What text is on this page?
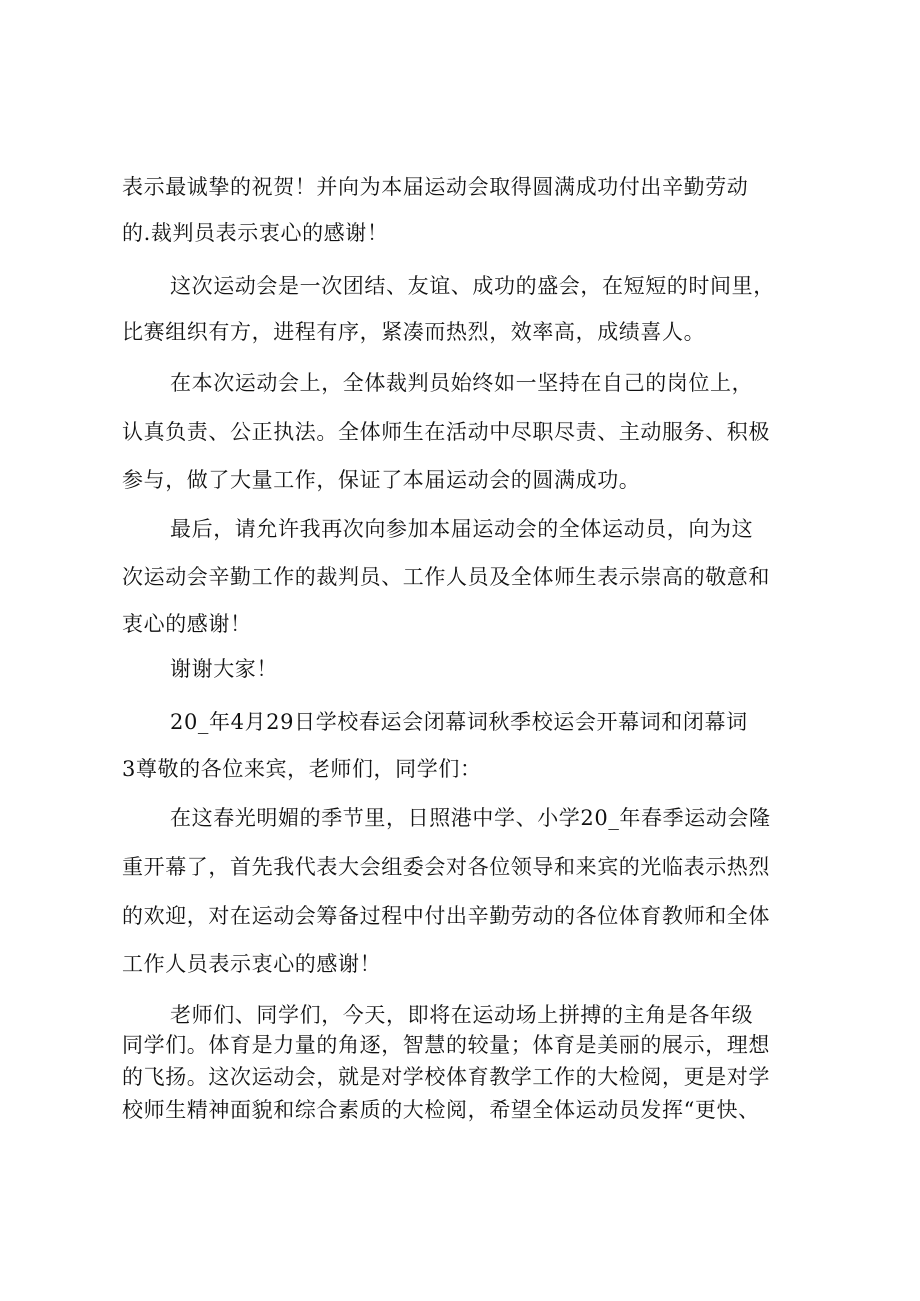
表示最诚挚的祝贺！并向为本届运动会取得圆满成功付出辛勤劳动
的.裁判员表示衷心的感谢！
这次运动会是一次团结、友谊、成功的盛会，在短短的时间里，
比赛组织有方，进程有序，紧凑而热烈，效率高，成绩喜人。
在本次运动会上，全体裁判员始终如一坚持在自己的岗位上，
认真负责、公正执法。全体师生在活动中尽职尽责、主动服务、积极
参与，做了大量工作，保证了本届运动会的圆满成功。
最后，请允许我再次向参加本届运动会的全体运动员，向为这
次运动会辛勤工作的裁判员、工作人员及全体师生表示崇高的敬意和
衷心的感谢！
谢谢大家！
20_年4月29日学校春运会闭幕词秋季校运会开幕词和闭幕词
3尊敬的各位来宾，老师们，同学们：
在这春光明媚的季节里，日照港中学、小学20_年春季运动会隆
重开幕了，首先我代表大会组委会对各位领导和来宾的光临表示热烈
的欢迎，对在运动会筹备过程中付出辛勤劳动的各位体育教师和全体
工作人员表示衷心的感谢！
老师们、同学们，今天，即将在运动场上拼搏的主角是各年级
同学们。体育是力量的角逐，智慧的较量；体育是美丽的展示，理想
的飞扬。这次运动会，就是对学校体育教学工作的大检阅，更是对学
校师生精神面貌和综合素质的大检阅，希望全体运动员发挥“更快、
